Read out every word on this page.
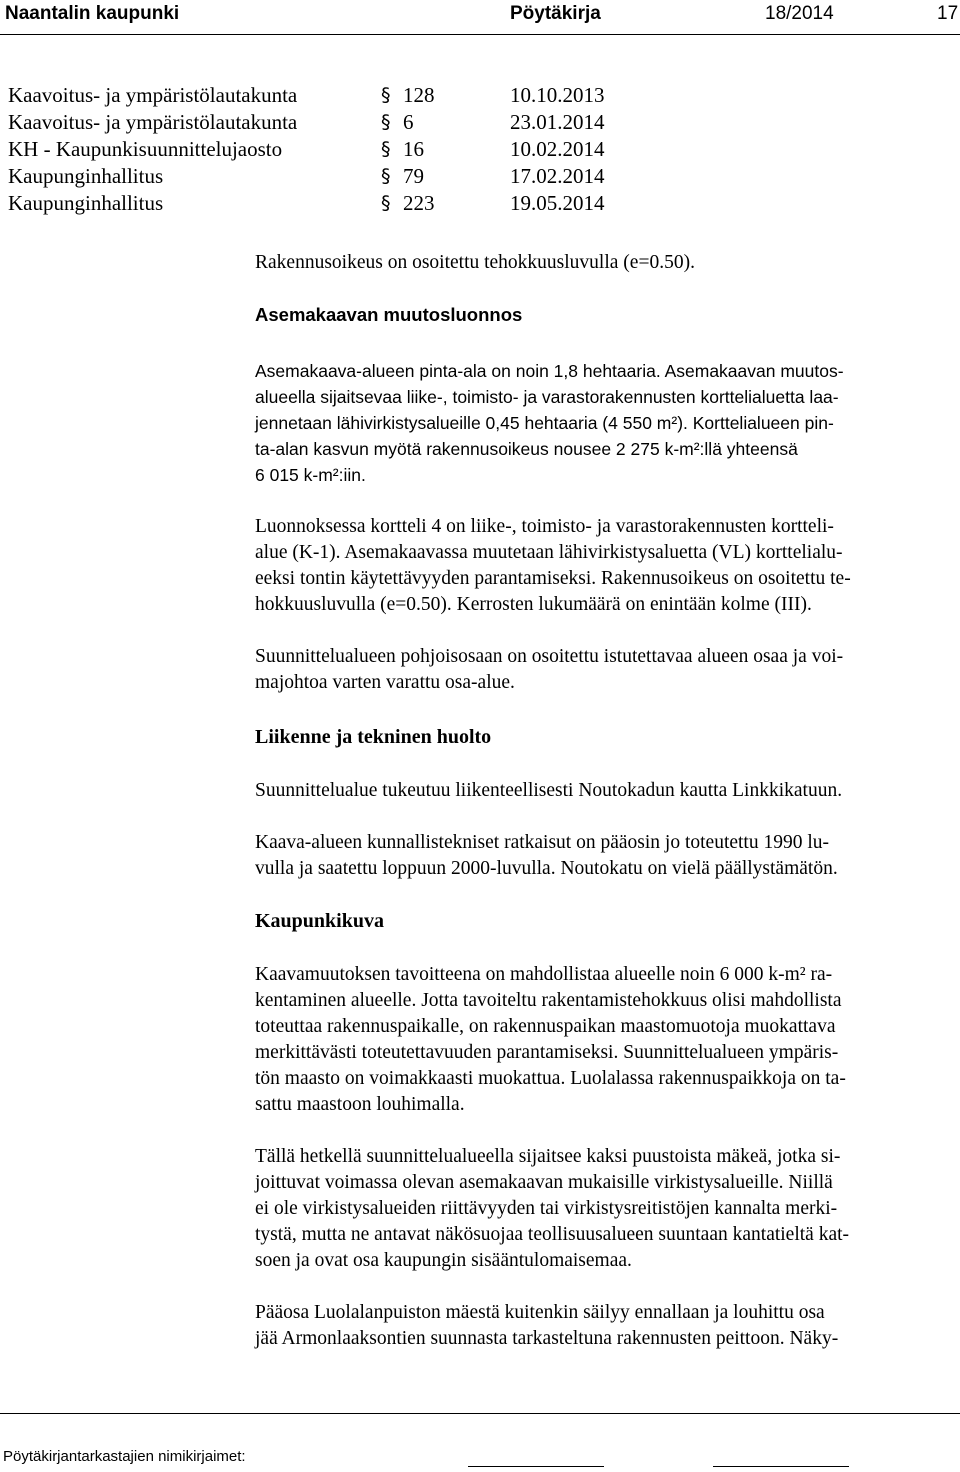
Naantalin kaupunki	Pöytäkirja	18/2014	17
Kaavoitus- ja ympäristölautakunta	§ 128	10.10.2013
Kaavoitus- ja ympäristölautakunta	§ 6	23.01.2014
KH - Kaupunkisuunnittelujaosto	§ 16	10.02.2014
Kaupunginhallitus	§ 79	17.02.2014
Kaupunginhallitus	§ 223	19.05.2014

Rakennusoikeus on osoitettu tehokkuusluvulla (e=0.50).

Asemakaavan muutosluonnos

Asemakaava-alueen pinta-ala on noin 1,8 hehtaaria. Asemakaavan muutos-
alueella sijaitsevaa liike-, toimisto- ja varastorakennusten korttelialuetta laa-
jennetaan lähivirkistysalueille 0,45 hehtaaria (4 550 m²). Korttelialueen pin-
ta-alan kasvun myötä rakennusoikeus nousee 2 275 k-m²:llä yhteensä
6 015 k-m²:iin.

Luonnoksessa kortteli 4 on liike-, toimisto- ja varastorakennusten kortteli-
alue (K-1). Asemakaavassa muutetaan lähivirkistysaluetta (VL) korttelialu-
eeksi tontin käytettävyyden parantamiseksi. Rakennusoikeus on osoitettu te-
hokkuusluvulla (e=0.50). Kerrosten lukumäärä on enintään kolme (III).

Suunnittelualueen pohjoisosaan on osoitettu istutettavaa alueen osaa ja voi-
majohtoa varten varattu osa-alue.

Liikenne ja tekninen huolto

Suunnittelualue tukeutuu liikenteellisesti Noutokadun kautta Linkkikatuun.

Kaava-alueen kunnallistekniset ratkaisut on pääosin jo toteutettu 1990 lu-
vulla ja saatettu loppuun 2000-luvulla. Noutokatu on vielä päällystämätön.

Kaupunkikuva

Kaavamuutoksen tavoitteena on mahdollistaa alueelle noin 6 000 k-m² ra-
kentaminen alueelle. Jotta tavoiteltu rakentamistehokkuus olisi mahdollista
toteuttaa rakennuspaikalle, on rakennuspaikan maastomuotoja muokattava
merkittävästi toteutettavuuden parantamiseksi. Suunnittelualueen ympäris-
tön maasto on voimakkaasti muokattua. Luolalassa rakennuspaikkoja on ta-
sattu maastoon louhimalla.

Tällä hetkellä suunnittelualueella sijaitsee kaksi puustoista mäkeä, jotka si-
joittuvat voimassa olevan asemakaavan mukaisille virkistysalueille. Niillä
ei ole virkistysalueiden riittävyyden tai virkistysreitistöjen kannalta merki-
tystä, mutta ne antavat näkösuojaa teollisuusalueen suuntaan kantatieltä kat-
soen ja ovat osa kaupungin sisääntulomaisemaa.

Pääosa Luolalanpuiston mäestä kuitenkin säilyy ennallaan ja louhittu osa
jää Armonlaaksontien suunnasta tarkasteltuna rakennusten peittoon. Näky-

Pöytäkirjantarkastajien nimikirjaimet:
